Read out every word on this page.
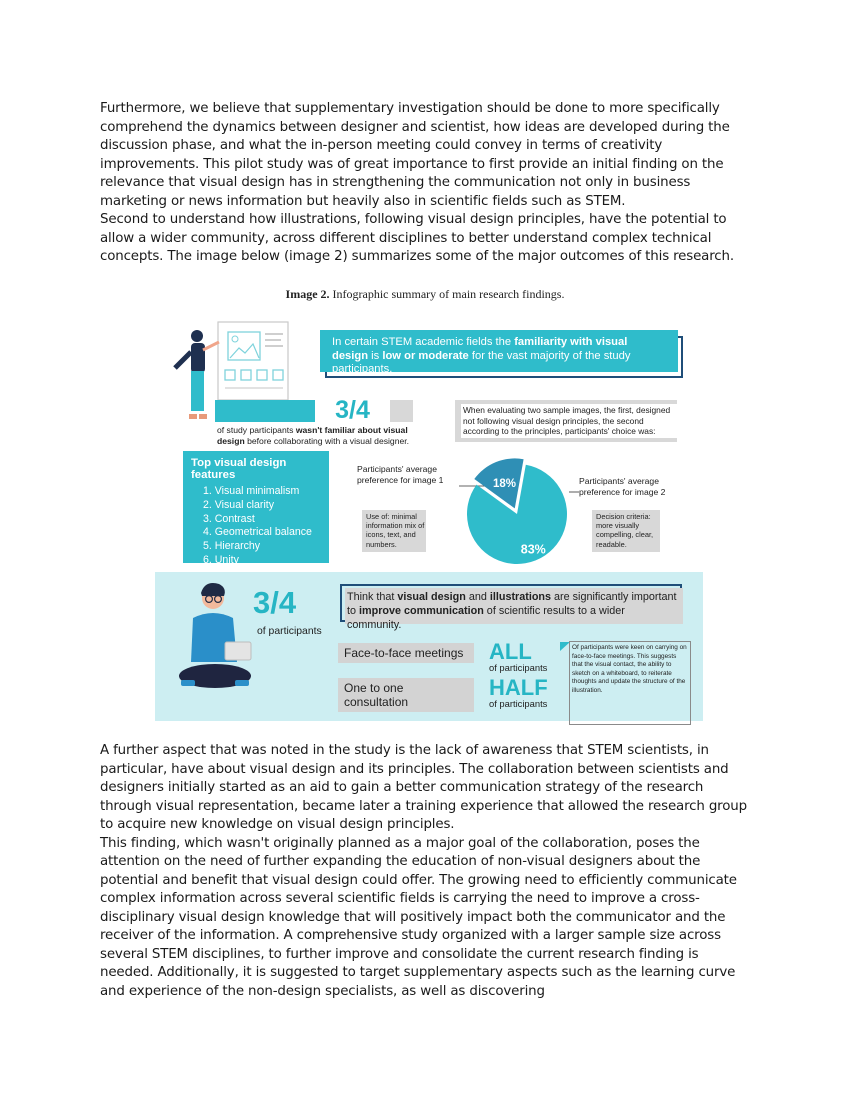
Furthermore, we believe that supplementary investigation should be done to more specifically comprehend the dynamics between designer and scientist, how ideas are developed during the discussion phase, and what the in-person meeting could convey in terms of creativity improvements. This pilot study was of great importance to first provide an initial finding on the relevance that visual design has in strengthening the communication not only in business marketing or news information but heavily also in scientific fields such as STEM.

Second to understand how illustrations, following visual design principles, have the potential to allow a wider community, across different disciplines to better understand complex technical concepts. The image below (image 2) summarizes some of the major outcomes of this research.

Image 2. Infographic summary of main research findings.
In certain STEM academic fields the familiarity with visual design is low or moderate for the vast majority of the study participants.
3/4
of study participants wasn't familiar about visual design before collaborating with a visual designer.
When evaluating two sample images, the first, designed not following visual design principles, the second according to the principles, participants' choice was:
Top visual design features
1. Visual minimalism
2. Visual clarity
3. Contrast
4. Geometrical balance
5. Hierarchy
6. Unity
Participants' average preference for image 1	Participants' average preference for image 2
Use of: minimal information mix of icons, text, and numbers.
Decision criteria: more visually compelling, clear, readable.
18%
83%
3/4
of participants
Think that visual design and illustrations are significantly important to improve communication of scientific results to a wider community.
Face-to-face meetings
One to one consultation
ALL
of participants
HALF
of participants
Of participants were keen on carrying on face-to-face meetings. This suggests that the visual contact, the ability to sketch on a whiteboard, to reiterate thoughts and update the structure of the illustration.

A further aspect that was noted in the study is the lack of awareness that STEM scientists, in particular, have about visual design and its principles. The collaboration between scientists and designers initially started as an aid to gain a better communication strategy of the research through visual representation, became later a training experience that allowed the research group to acquire new knowledge on visual design principles.

This finding, which wasn't originally planned as a major goal of the collaboration, poses the attention on the need of further expanding the education of non-visual designers about the potential and benefit that visual design could offer. The growing need to efficiently communicate complex information across several scientific fields is carrying the need to improve a cross-disciplinary visual design knowledge that will positively impact both the communicator and the receiver of the information. A comprehensive study organized with a larger sample size across several STEM disciplines, to further improve and consolidate the current research finding is needed. Additionally, it is suggested to target supplementary aspects such as the learning curve and experience of the non-design specialists, as well as discovering
